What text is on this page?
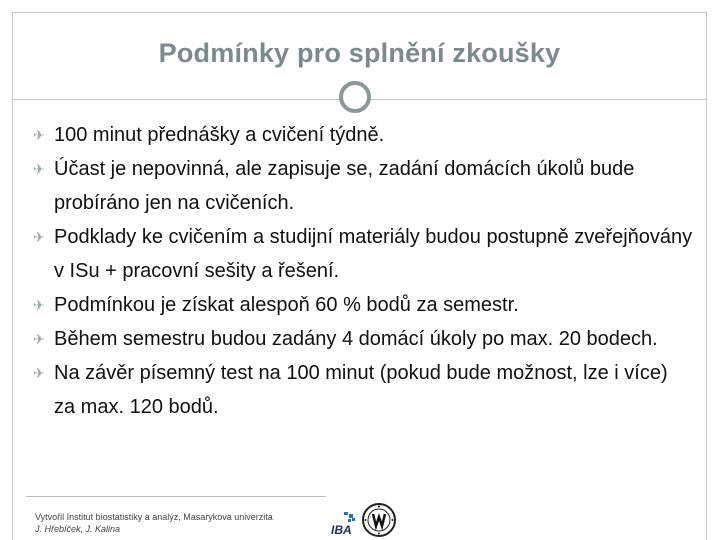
Podmínky pro splnění zkoušky
✈ 100 minut přednášky a cvičení týdně.
✈ Účast je nepovinná, ale zapisuje se, zadání domácích úkolů bude probíráno jen na cvičeních.
✈ Podklady ke cvičením a studijní materiály budou postupně zveřejňovány v ISu + pracovní sešity a řešení.
✈ Podmínkou je získat alespoň 60 % bodů za semestr.
✈ Během semestru budou zadány 4 domácí úkoly po max. 20 bodech.
✈ Na závěr písemný test na 100 minut (pokud bude možnost, lze i více) za max. 120 bodů.
Vytvořil Institut biostatistiky a analýz, Masarykova univerzita
J. Hřebíček, J. Kalina	IBA
